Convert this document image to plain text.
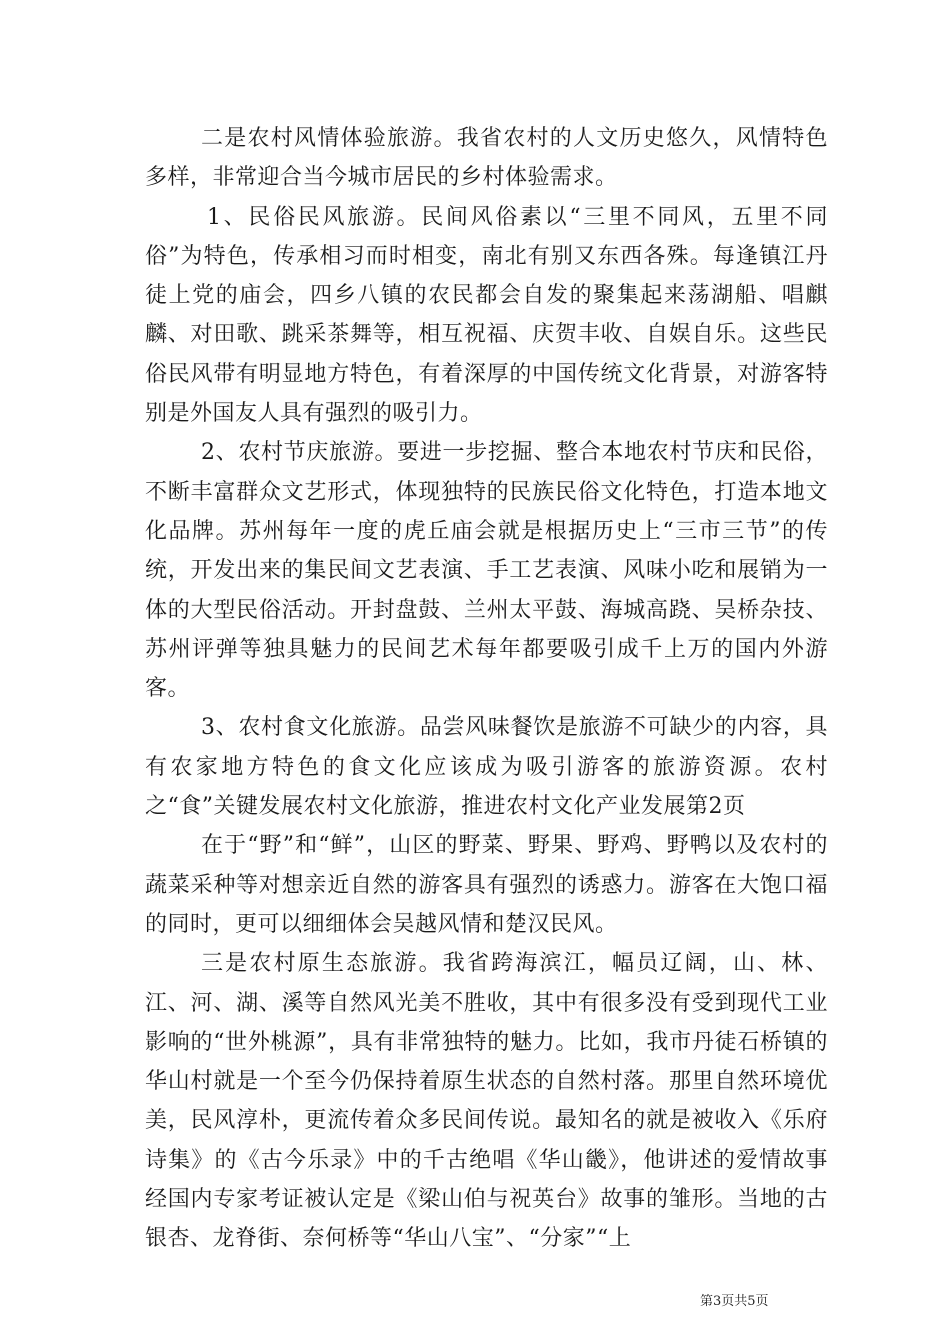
二是农村风情体验旅游。我省农村的人文历史悠久，风情特色多样，非常迎合当今城市居民的乡村体验需求。

1、民俗民风旅游。民间风俗素以“三里不同风，五里不同俗”为特色，传承相习而时相变，南北有别又东西各殊。每逢镇江丹徒上党的庙会，四乡八镇的农民都会自发的聚集起来荡湖船、唱麒麟、对田歌、跳采茶舞等，相互祝福、庆贺丰收、自娱自乐。这些民俗民风带有明显地方特色，有着深厚的中国传统文化背景，对游客特别是外国友人具有强烈的吸引力。

2、农村节庆旅游。要进一步挖掘、整合本地农村节庆和民俗，不断丰富群众文艺形式，体现独特的民族民俗文化特色，打造本地文化品牌。苏州每年一度的虎丘庙会就是根据历史上“三市三节”的传统，开发出来的集民间文艺表演、手工艺表演、风味小吃和展销为一体的大型民俗活动。开封盘鼓、兰州太平鼓、海城高跷、吴桥杂技、苏州评弹等独具魅力的民间艺术每年都要吸引成千上万的国内外游客。

3、农村食文化旅游。品尝风味餐饮是旅游不可缺少的内容，具有农家地方特色的食文化应该成为吸引游客的旅游资源。农村之“食”关键发展农村文化旅游，推进农村文化产业发展第2页

在于“野”和“鲜”，山区的野菜、野果、野鸡、野鸭以及农村的蔬菜采种等对想亲近自然的游客具有强烈的诱惑力。游客在大饱口福的同时，更可以细细体会吴越风情和楚汉民风。

三是农村原生态旅游。我省跨海滨江，幅员辽阔，山、林、江、河、湖、溪等自然风光美不胜收，其中有很多没有受到现代工业影响的“世外桃源”，具有非常独特的魅力。比如，我市丹徒石桥镇的华山村就是一个至今仍保持着原生状态的自然村落。那里自然环境优美，民风淳朴，更流传着众多民间传说。最知名的就是被收入《乐府诗集》的《古今乐录》中的千古绝唱《华山畿》，他讲述的爱情故事经国内专家考证被认定是《梁山伯与祝英台》故事的雏形。当地的古银杏、龙脊街、奈何桥等“华山八宝”、“分家”“上

第3页共5页
